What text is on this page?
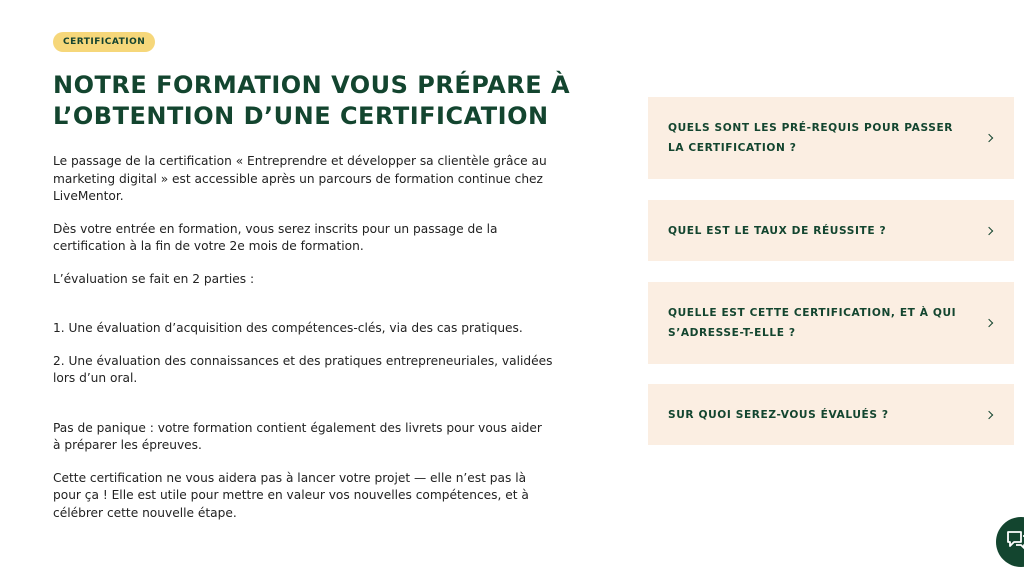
CERTIFICATION
NOTRE FORMATION VOUS PRÉPARE À
L’OBTENTION D’UNE CERTIFICATION

Le passage de la certification « Entreprendre et développer sa clientèle grâce au marketing digital » est accessible après un parcours de formation continue chez LiveMentor.

Dès votre entrée en formation, vous serez inscrits pour un passage de la certification à la fin de votre 2e mois de formation.

L’évaluation se fait en 2 parties :

1. Une évaluation d’acquisition des compétences-clés, via des cas pratiques.

2. Une évaluation des connaissances et des pratiques entrepreneuriales, validées lors d’un oral.

Pas de panique : votre formation contient également des livrets pour vous aider à préparer les épreuves.

Cette certification ne vous aidera pas à lancer votre projet — elle n’est pas là pour ça ! Elle est utile pour mettre en valeur vos nouvelles compétences, et à célébrer cette nouvelle étape.

QUELS SONT LES PRÉ-REQUIS POUR PASSER LA CERTIFICATION ?
QUEL EST LE TAUX DE RÉUSSITE ?
QUELLE EST CETTE CERTIFICATION, ET À QUI S’ADRESSE-T-ELLE ?
SUR QUOI SEREZ-VOUS ÉVALUÉS ?
